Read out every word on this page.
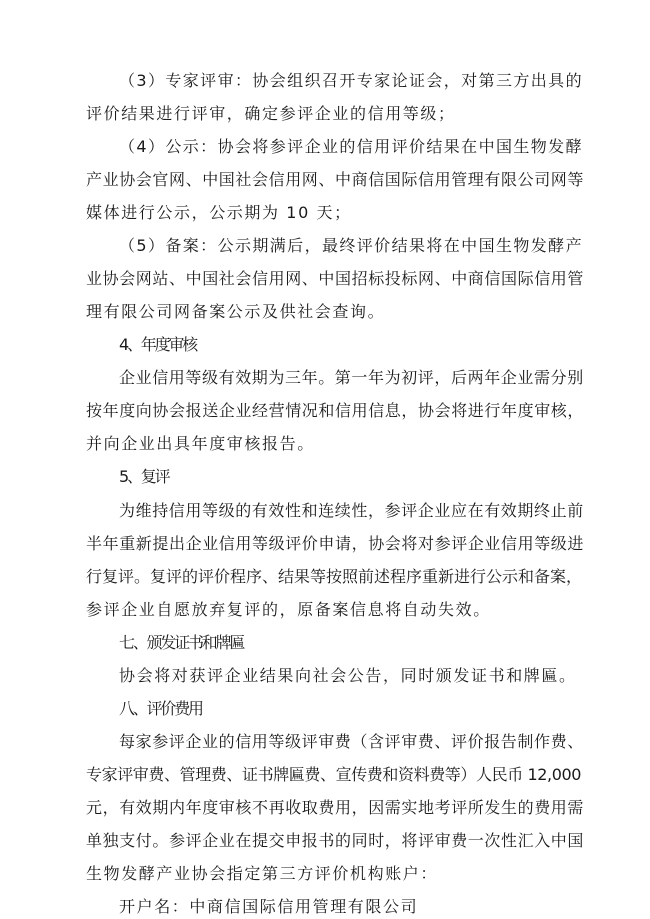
（3）专家评审：协会组织召开专家论证会，对第三方出具的
评价结果进行评审，确定参评企业的信用等级；
（4）公示：协会将参评企业的信用评价结果在中国生物发酵
产业协会官网、中国社会信用网、中商信国际信用管理有限公司网等
媒体进行公示，公示期为 10 天；
（5）备案：公示期满后，最终评价结果将在中国生物发酵产
业协会网站、中国社会信用网、中国招标投标网、中商信国际信用管
理有限公司网备案公示及供社会查询。
4、年度审核
企业信用等级有效期为三年。第一年为初评，后两年企业需分别
按年度向协会报送企业经营情况和信用信息，协会将进行年度审核，
并向企业出具年度审核报告。
5、复评
为维持信用等级的有效性和连续性，参评企业应在有效期终止前
半年重新提出企业信用等级评价申请，协会将对参评企业信用等级进
行复评。复评的评价程序、结果等按照前述程序重新进行公示和备案，
参评企业自愿放弃复评的，原备案信息将自动失效。
七、颁发证书和牌匾
协会将对获评企业结果向社会公告，同时颁发证书和牌匾。
八、评价费用
每家参评企业的信用等级评审费（含评审费、评价报告制作费、
专家评审费、管理费、证书牌匾费、宣传费和资料费等）人民币 12,000
元，有效期内年度审核不再收取费用，因需实地考评所发生的费用需
单独支付。参评企业在提交申报书的同时，将评审费一次性汇入中国
生物发酵产业协会指定第三方评价机构账户：
开户名：中商信国际信用管理有限公司
